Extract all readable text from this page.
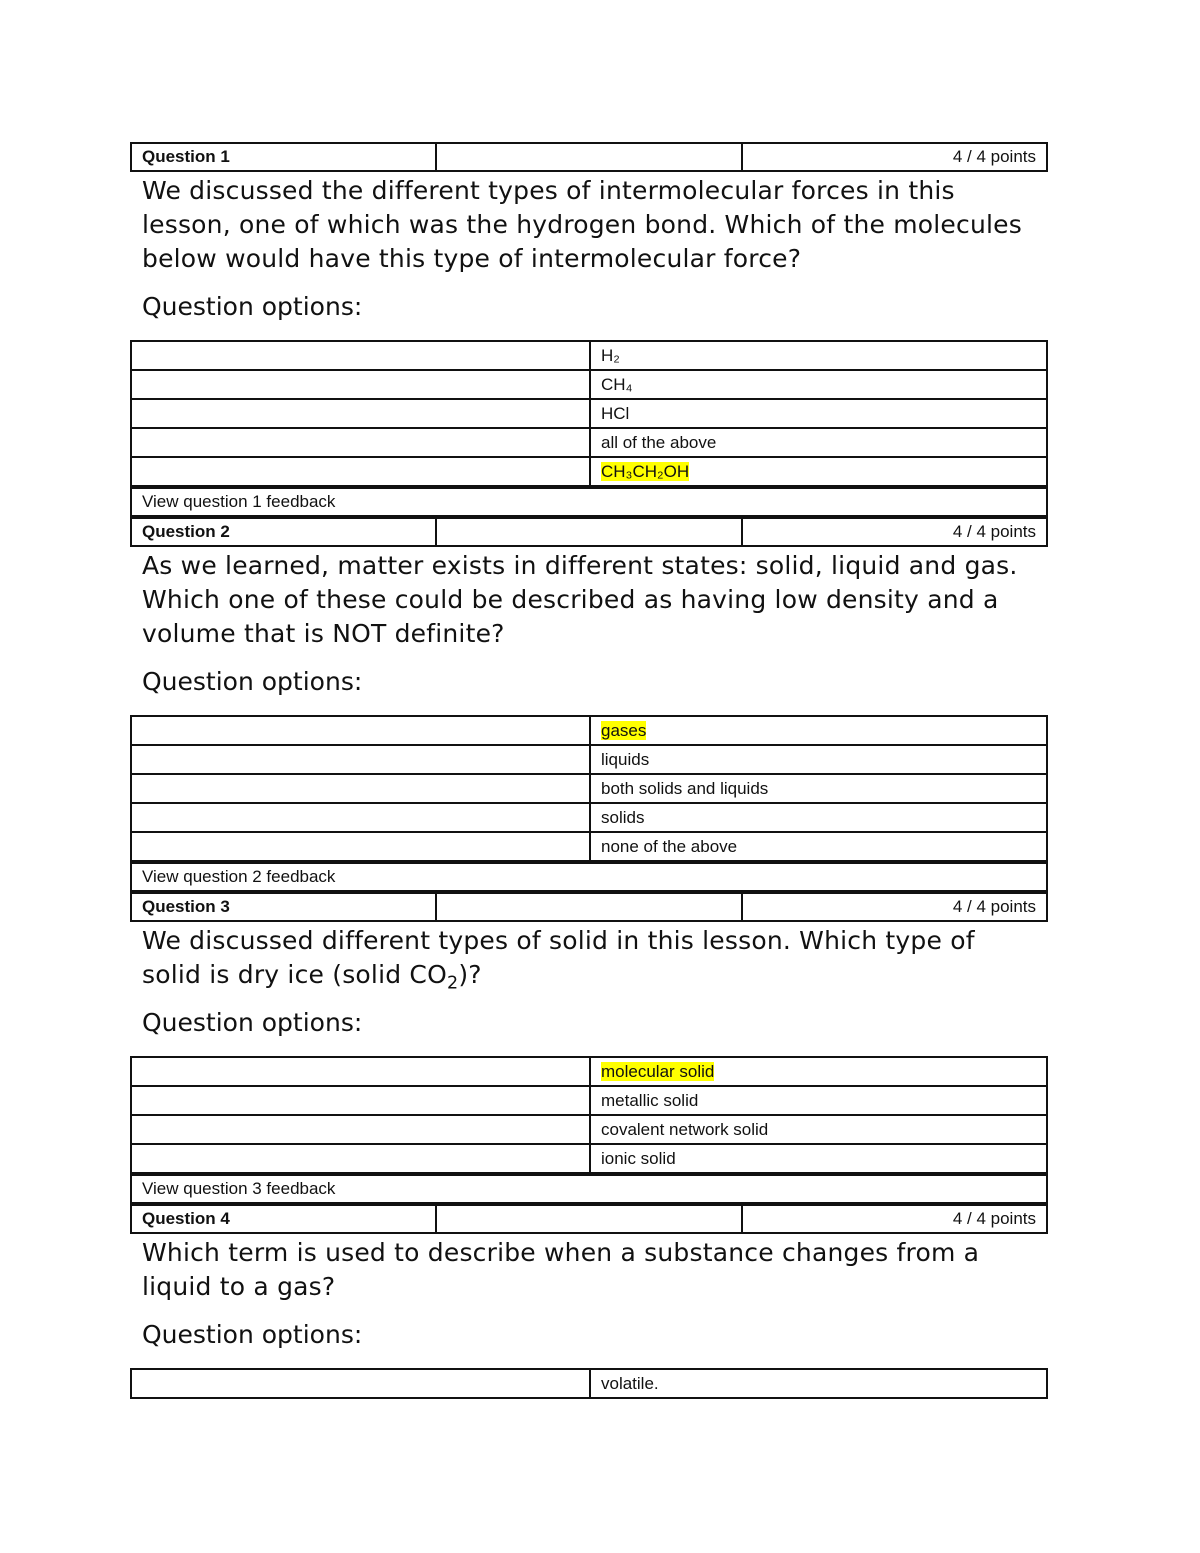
Question 1		4 / 4 points
We discussed the different types of intermolecular forces in this lesson, one of which was the hydrogen bond. Which of the molecules below would have this type of intermolecular force?
Question options:
	H₂
	CH₄
	HCl
	all of the above
	CH₃CH₂OH
View question 1 feedback
Question 2		4 / 4 points
As we learned, matter exists in different states: solid, liquid and gas. Which one of these could be described as having low density and a volume that is NOT definite?
Question options:
	gases
	liquids
	both solids and liquids
	solids
	none of the above
View question 2 feedback
Question 3		4 / 4 points
We discussed different types of solid in this lesson. Which type of solid is dry ice (solid $CO_2$)?
Question options:
	molecular solid
	metallic solid
	covalent network solid
	ionic solid
View question 3 feedback
Question 4		4 / 4 points
Which term is used to describe when a substance changes from a liquid to a gas?
Question options:
	volatile.
